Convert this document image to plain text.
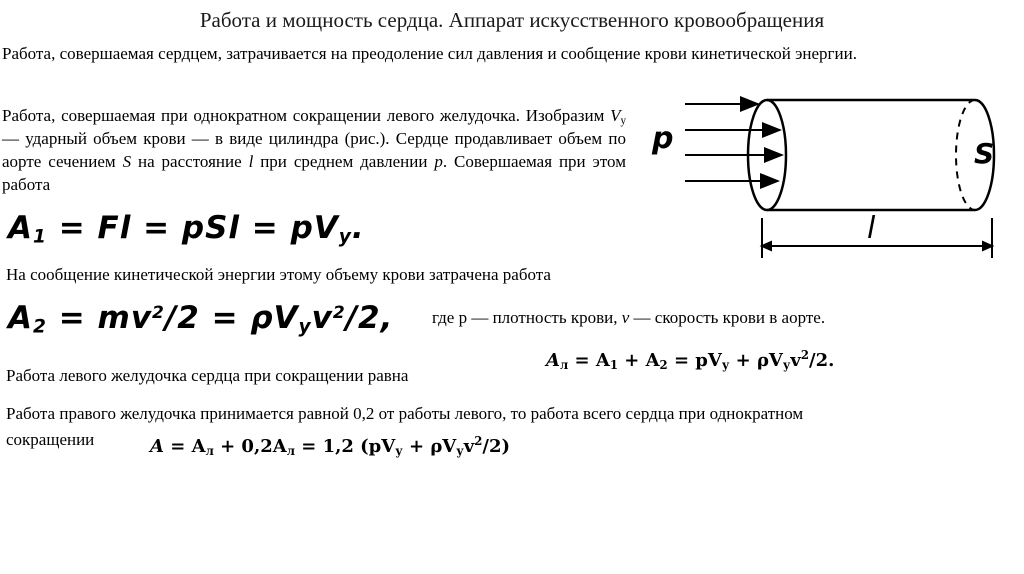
Работа и мощность сердца. Аппарат искусственного кровообращения
Работа, совершаемая сердцем, затрачивается на преодоление сил давления и сообщение крови кинетической энергии.
Работа, совершаемая при однократном сокращении левого желудочка. Изобразим $V_у$ — ударный объем крови — в виде цилиндра (рис.). Сердце продавливает объем по аорте сечением S на расстояние l при среднем давлении p. Совершаемая при этом работа
$A_1 = Fl$ = pSl = $pV_у$.
На сообщение кинетической энергии этому объему крови затрачена работа
$A_2 = mv^2/2 = \rho V_уv^2/2$, где р — плотность крови, v — скорость крови в аорте.
Работа левого желудочка сердца при сокращении равна
$A_л = A_1 + A_2 = pV_у + \rho V_уv^2/2$.
Работа правого желудочка принимается равной 0,2 от работы левого, то работа всего сердца при однократном
сокращении	$A = A_л + 0,2A_л = 1,2$ $(pV_у + \rho V_уv^2/2)$
p	S
l
